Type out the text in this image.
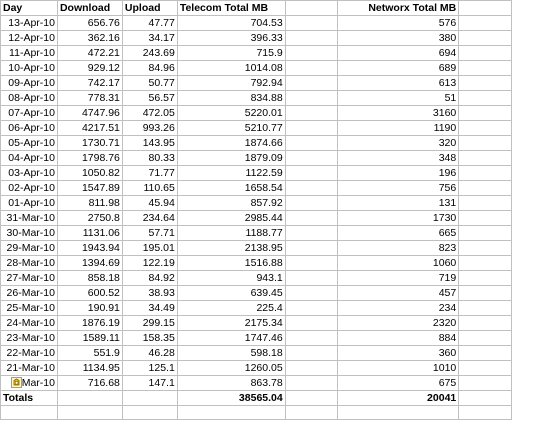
Day	Download	Upload	Telecom Total MB		Networx Total MB	
13-Apr-10	656.76	47.77	704.53		576	
12-Apr-10	362.16	34.17	396.33		380	
11-Apr-10	472.21	243.69	715.9		694	
10-Apr-10	929.12	84.96	1014.08		689	
09-Apr-10	742.17	50.77	792.94		613	
08-Apr-10	778.31	56.57	834.88		51	
07-Apr-10	4747.96	472.05	5220.01		3160	
06-Apr-10	4217.51	993.26	5210.77		1190	
05-Apr-10	1730.71	143.95	1874.66		320	
04-Apr-10	1798.76	80.33	1879.09		348	
03-Apr-10	1050.82	71.77	1122.59		196	
02-Apr-10	1547.89	110.65	1658.54		756	
01-Apr-10	811.98	45.94	857.92		131	
31-Mar-10	2750.8	234.64	2985.44		1730	
30-Mar-10	1131.06	57.71	1188.77		665	
29-Mar-10	1943.94	195.01	2138.95		823	
28-Mar-10	1394.69	122.19	1516.88		1060	
27-Mar-10	858.18	84.92	943.1		719	
26-Mar-10	600.52	38.93	639.45		457	
25-Mar-10	190.91	34.49	225.4		234	
24-Mar-10	1876.19	299.15	2175.34		2320	
23-Mar-10	1589.11	158.35	1747.46		884	
22-Mar-10	551.9	46.28	598.18		360	
21-Mar-10	1134.95	125.1	1260.05		1010	

Mar-10	716.68	147.1	863.78		675	
Totals			38565.04		20041	
